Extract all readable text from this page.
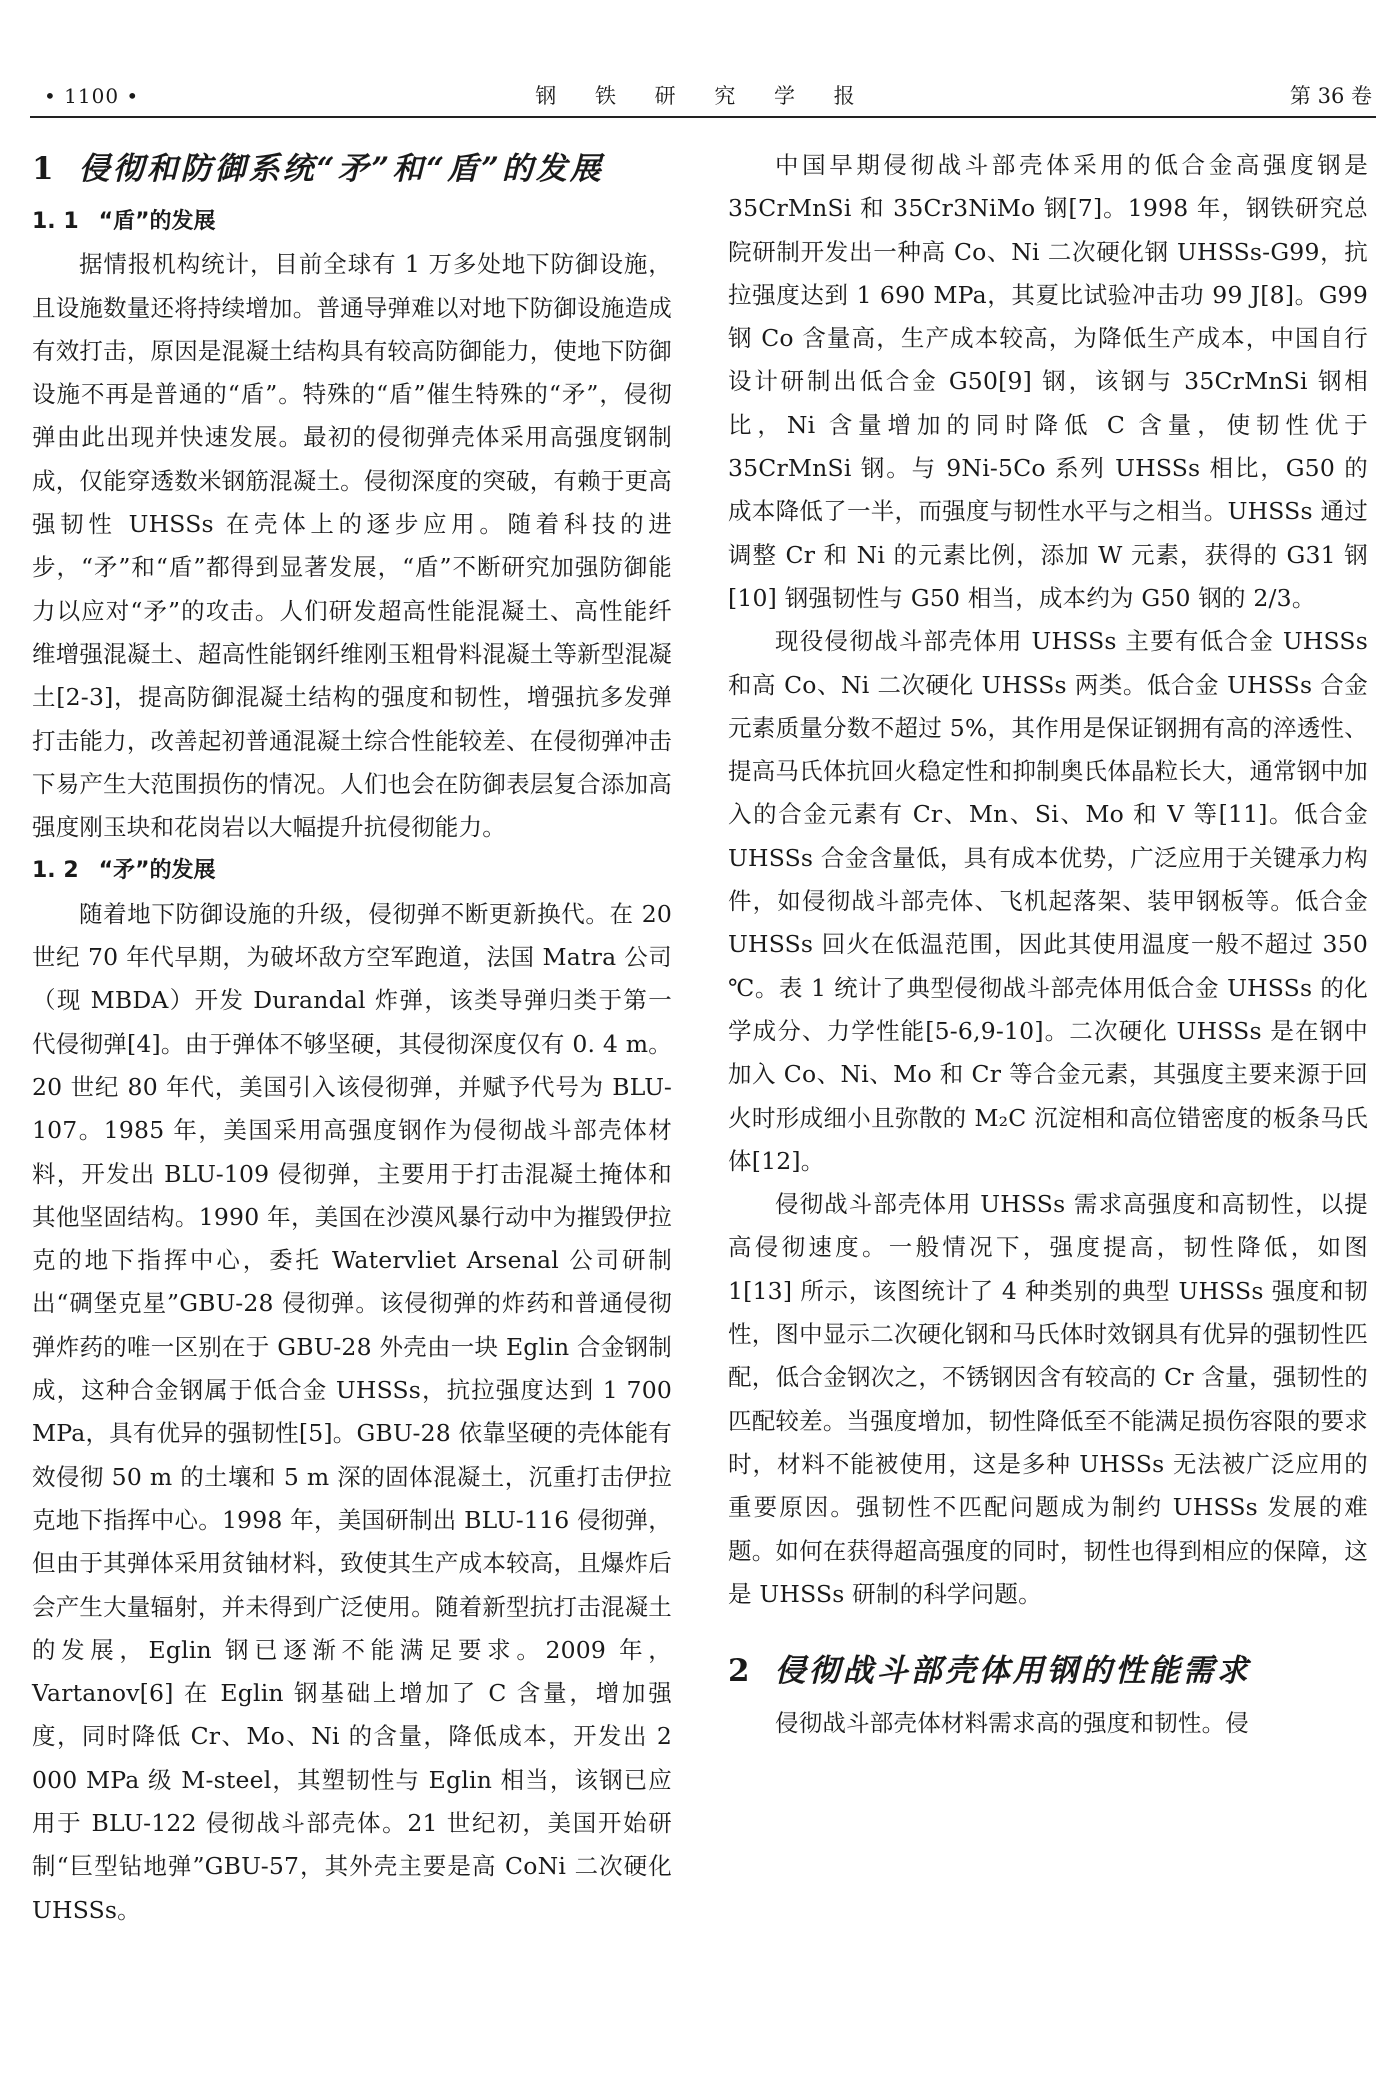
• 1100 •	钢 铁 研 究 学 报	第 36 卷
1 侵彻和防御系统“矛”和“盾”的发展
1. 1 “盾”的发展

据情报机构统计，目前全球有 1 万多处地下防御设施，且设施数量还将持续增加。普通导弹难以对地下防御设施造成有效打击，原因是混凝土结构具有较高防御能力，使地下防御设施不再是普通的“盾”。特殊的“盾”催生特殊的“矛”，侵彻弹由此出现并快速发展。最初的侵彻弹壳体采用高强度钢制成，仅能穿透数米钢筋混凝土。侵彻深度的突破，有赖于更高强韧性 UHSSs 在壳体上的逐步应用。随着科技的进步，“矛”和“盾”都得到显著发展，“盾”不断研究加强防御能力以应对“矛”的攻击。人们研发超高性能混凝土、高性能纤维增强混凝土、超高性能钢纤维刚玉粗骨料混凝土等新型混凝土[2-3]，提高防御混凝土结构的强度和韧性，增强抗多发弹打击能力，改善起初普通混凝土综合性能较差、在侵彻弹冲击下易产生大范围损伤的情况。人们也会在防御表层复合添加高强度刚玉块和花岗岩以大幅提升抗侵彻能力。

1. 2 “矛”的发展

随着地下防御设施的升级，侵彻弹不断更新换代。在 20 世纪 70 年代早期，为破坏敌方空军跑道，法国 Matra 公司（现 MBDA）开发 Durandal 炸弹，该类导弹归类于第一代侵彻弹[4]。由于弹体不够坚硬，其侵彻深度仅有 0. 4 m。20 世纪 80 年代，美国引入该侵彻弹，并赋予代号为 BLU-107。1985 年，美国采用高强度钢作为侵彻战斗部壳体材料，开发出 BLU-109 侵彻弹，主要用于打击混凝土掩体和其他坚固结构。1990 年，美国在沙漠风暴行动中为摧毁伊拉克的地下指挥中心，委托 Watervliet Arsenal 公司研制出“碉堡克星”GBU-28 侵彻弹。该侵彻弹的炸药和普通侵彻弹炸药的唯一区别在于 GBU-28 外壳由一块 Eglin 合金钢制成，这种合金钢属于低合金 UHSSs，抗拉强度达到 1 700 MPa，具有优异的强韧性[5]。GBU-28 依靠坚硬的壳体能有效侵彻 50 m 的土壤和 5 m 深的固体混凝土，沉重打击伊拉克地下指挥中心。1998 年，美国研制出 BLU-116 侵彻弹，但由于其弹体采用贫铀材料，致使其生产成本较高，且爆炸后会产生大量辐射，并未得到广泛使用。随着新型抗打击混凝土的发展，Eglin 钢已逐渐不能满足要求。2009 年，Vartanov[6] 在 Eglin 钢基础上增加了 C 含量，增加强度，同时降低 Cr、Mo、Ni 的含量，降低成本，开发出 2 000 MPa 级 M-steel，其塑韧性与 Eglin 相当，该钢已应用于 BLU-122 侵彻战斗部壳体。21 世纪初，美国开始研制“巨型钻地弹”GBU-57，其外壳主要是高 CoNi 二次硬化 UHSSs。

中国早期侵彻战斗部壳体采用的低合金高强度钢是 35CrMnSi 和 35Cr3NiMo 钢[7]。1998 年，钢铁研究总院研制开发出一种高 Co、Ni 二次硬化钢 UHSSs-G99，抗拉强度达到 1 690 MPa，其夏比试验冲击功 99 J[8]。G99 钢 Co 含量高，生产成本较高，为降低生产成本，中国自行设计研制出低合金 G50[9] 钢，该钢与 35CrMnSi 钢相比，Ni 含量增加的同时降低 C 含量，使韧性优于 35CrMnSi 钢。与 9Ni-5Co 系列 UHSSs 相比，G50 的成本降低了一半，而强度与韧性水平与之相当。UHSSs 通过调整 Cr 和 Ni 的元素比例，添加 W 元素，获得的 G31 钢[10] 钢强韧性与 G50 相当，成本约为 G50 钢的 2/3。

现役侵彻战斗部壳体用 UHSSs 主要有低合金 UHSSs 和高 Co、Ni 二次硬化 UHSSs 两类。低合金 UHSSs 合金元素质量分数不超过 5%，其作用是保证钢拥有高的淬透性、提高马氏体抗回火稳定性和抑制奥氏体晶粒长大，通常钢中加入的合金元素有 Cr、Mn、Si、Mo 和 V 等[11]。低合金 UHSSs 合金含量低，具有成本优势，广泛应用于关键承力构件，如侵彻战斗部壳体、飞机起落架、装甲钢板等。低合金 UHSSs 回火在低温范围，因此其使用温度一般不超过 350 ℃。表 1 统计了典型侵彻战斗部壳体用低合金 UHSSs 的化学成分、力学性能[5-6,9-10]。二次硬化 UHSSs 是在钢中加入 Co、Ni、Mo 和 Cr 等合金元素，其强度主要来源于回火时形成细小且弥散的 M₂C 沉淀相和高位错密度的板条马氏体[12]。

侵彻战斗部壳体用 UHSSs 需求高强度和高韧性，以提高侵彻速度。一般情况下，强度提高，韧性降低，如图 1[13] 所示，该图统计了 4 种类别的典型 UHSSs 强度和韧性，图中显示二次硬化钢和马氏体时效钢具有优异的强韧性匹配，低合金钢次之，不锈钢因含有较高的 Cr 含量，强韧性的匹配较差。当强度增加，韧性降低至不能满足损伤容限的要求时，材料不能被使用，这是多种 UHSSs 无法被广泛应用的重要原因。强韧性不匹配问题成为制约 UHSSs 发展的难题。如何在获得超高强度的同时，韧性也得到相应的保障，这是 UHSSs 研制的科学问题。

2 侵彻战斗部壳体用钢的性能需求

侵彻战斗部壳体材料需求高的强度和韧性。侵
